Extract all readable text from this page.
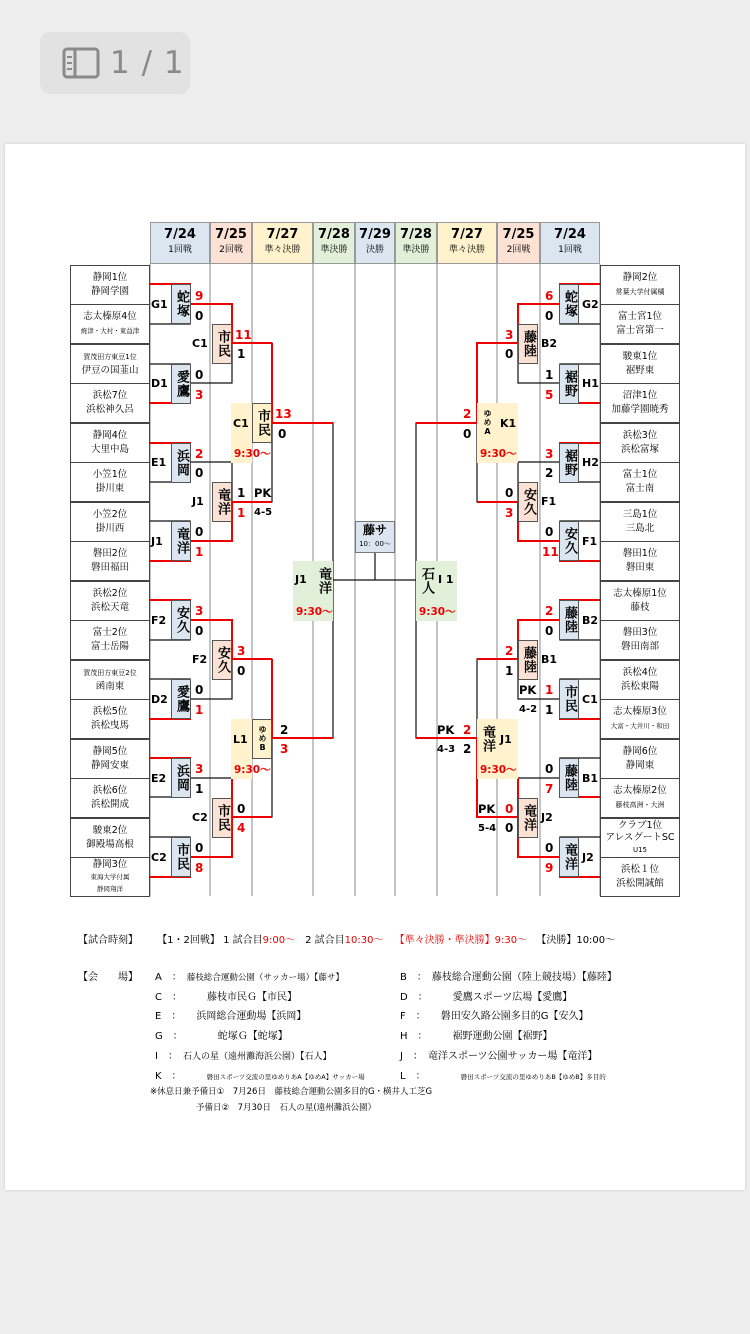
1 / 1
7/24
1回戦
7/25
2回戦
7/27
準々決勝
7/28
準決勝
7/29
決勝
7/28
準決勝
7/27
準々決勝
7/25
2回戦
7/24
1回戦
静岡1位
静岡学園
志太榛原4位
焼津・大村・東益津
賀茂田方東豆1位
伊豆の国韮山
浜松7位
浜松神久呂
静岡4位
大里中島
小笠1位
掛川東
小笠2位
掛川西
磐田2位
磐田福田
浜松2位
浜松天竜
富士2位
富士岳陽
賀茂田方東豆2位
函南東
浜松5位
浜松曳馬
静岡5位
静岡安東
浜松6位
浜松開成
駿東2位
御殿場高根
静岡3位
東海大学付属
静岡翔洋
静岡2位
常葉大学付属橘
富士宮1位
富士宮第一
駿東1位
裾野東
沼津1位
加藤学園暁秀
浜松3位
浜松富塚
富士1位
富士南
三島1位
三島北
磐田1位
磐田東
志太榛原1位
藤枝
磐田3位
磐田南部
浜松4位
浜松東陽
志太榛原3位
大富・大井川・和田
静岡6位
静岡東
志太榛原2位
藤枝高洲・大洲
クラブ1位
アレスグートSC
U15
浜松１位
浜松開誠館
蛇塚
愛鷹
浜岡
竜洋
安久
愛鷹
浜岡
市民
G1
D1
E1
J1
F2
D2
E2
C2
市民
竜洋
安久
市民
C1
J1
F2
C2
市民
ゆめB
C1
L1
9:30～
9:30～
竜洋
J1
9:30～
藤サ
10：00～
蛇塚
裾野
裾野
安久
藤陸
市民
藤陸
竜洋
G2
H1
H2
F1
B2
C1
B1
J2
藤陸
安久
藤陸
竜洋
B2
F1
B1
J2
ゆめA
竜洋
K1
J1
9:30～
9:30～
石人 I 1
9:30～
9
0
0
3
2
0
0
1
3
0
0
1
3
1
0
8
11
1
1
1
3
0
0
4
13
0
2
3
PK
4-5
6
0
1
5
3
2
0
11
2
0
1
1
0
7
0
9
3
0
0
3
2
1
0
0
2
0
2
2
PK
4-2
PK
5-4
PK
4-3
【試合時刻】 【1・2回戦】 1 試合目9:00～　2 試合目10:30～ 【準々決勝・準決勝】9:30～ 【決勝】10:00～
【会　　場】 A　：　藤枝総合運動公園（サッカー場）【藤サ】	B　：　藤枝総合運動公園（陸上競技場）【藤陸】
C　：　　　藤枝市民Ｇ【市民】	D　：　　　愛鷹スポーツ広場【愛鷹】
E　：　　浜岡総合運動場【浜岡】	F　：　　磐田安久路公園多目的G【安久】
G　：　　　　蛇塚Ｇ【蛇塚】	H　：　　　裾野運動公園【裾野】
I　：　石人の星（遠州灘海浜公園）【石人】	J　：　竜洋スポーツ公園サッカー場【竜洋】
K　：　　　磐田スポーツ交流の里ゆめりあA【ゆめA】サッカー場	L　：　　　　磐田スポーツ交流の里ゆめりあB【ゆめB】多目的
※休息日兼予備日①　7月26日　藤枝総合運動公園多目的G・横井人工芝G
予備日②　7月30日　石人の星(遠州灘浜公園）
